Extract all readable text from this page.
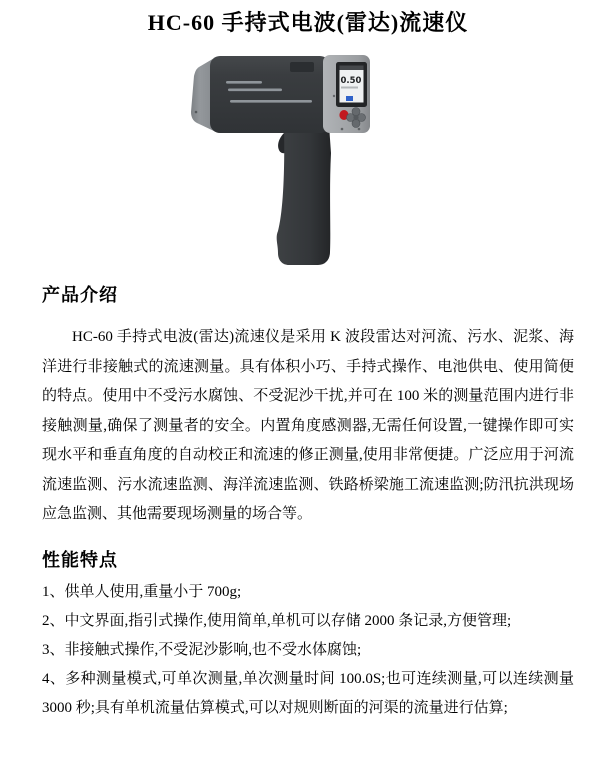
HC-60 手持式电波(雷达)流速仪
0.50
产品介绍

HC-60 手持式电波(雷达)流速仪是采用 K 波段雷达对河流、污水、泥浆、海洋进行非接触式的流速测量。具有体积小巧、手持式操作、电池供电、使用简便的特点。使用中不受污水腐蚀、不受泥沙干扰,并可在 100 米的测量范围内进行非接触测量,确保了测量者的安全。内置角度感测器,无需任何设置,一键操作即可实现水平和垂直角度的自动校正和流速的修正测量,使用非常便捷。广泛应用于河流流速监测、污水流速监测、海洋流速监测、铁路桥梁施工流速监测;防汛抗洪现场应急监测、其他需要现场测量的场合等。

性能特点

1、供单人使用,重量小于 700g;

2、中文界面,指引式操作,使用简单,单机可以存储 2000 条记录,方便管理;

3、非接触式操作,不受泥沙影响,也不受水体腐蚀;

4、多种测量模式,可单次测量,单次测量时间 100.0S;也可连续测量,可以连续测量 3000 秒;具有单机流量估算模式,可以对规则断面的河渠的流量进行估算;
